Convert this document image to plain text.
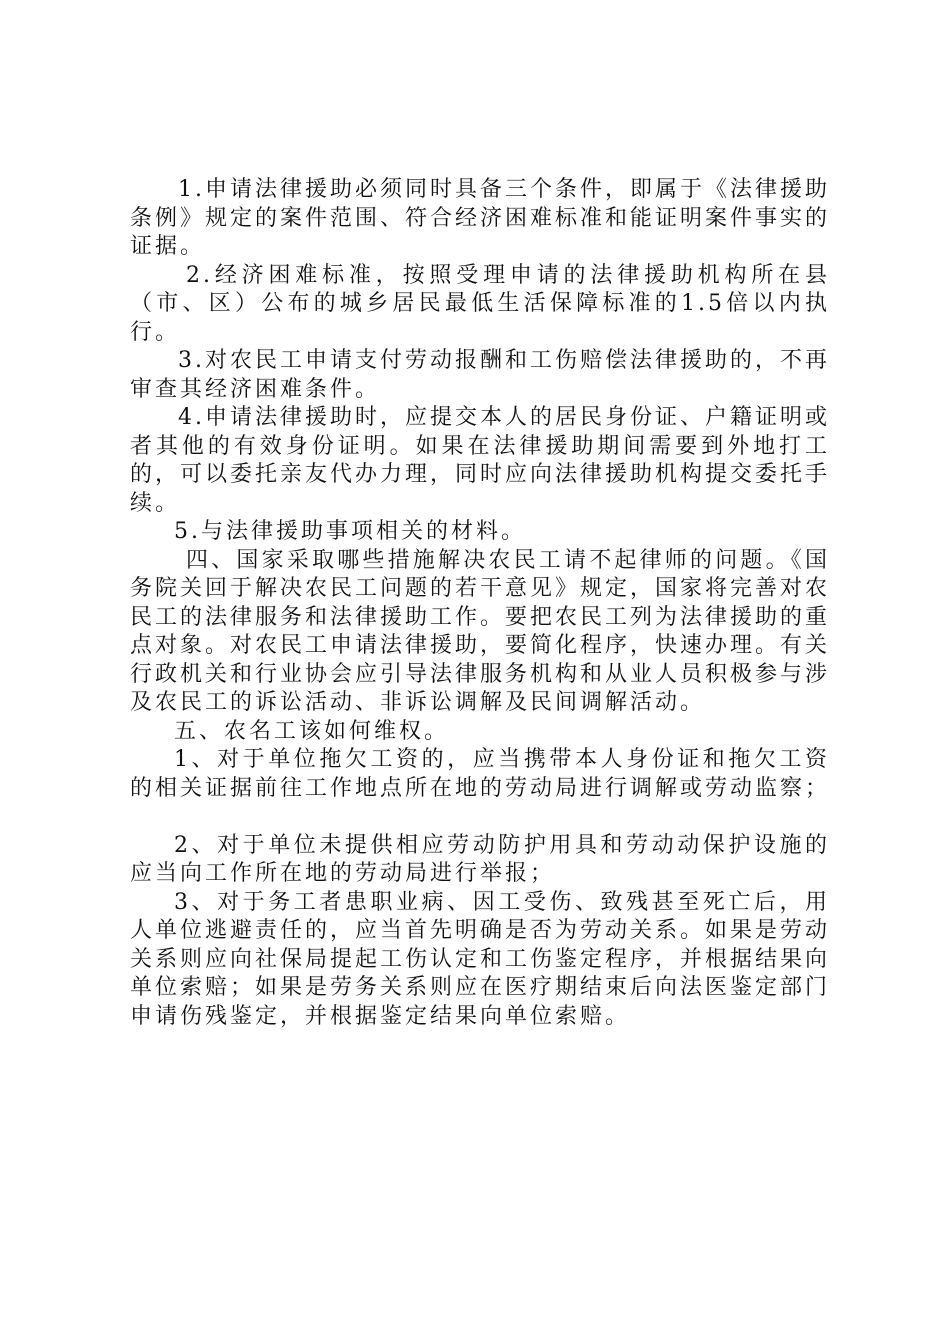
1.申请法律援助必须同时具备三个条件，即属于《法律援助条例》规定的案件范围、符合经济困难标准和能证明案件事实的证据。

2.经济困难标准，按照受理申请的法律援助机构所在县（市、区）公布的城乡居民最低生活保障标准的1.5倍以内执行。

3.对农民工申请支付劳动报酬和工伤赔偿法律援助的，不再审查其经济困难条件。

4.申请法律援助时，应提交本人的居民身份证、户籍证明或者其他的有效身份证明。如果在法律援助期间需要到外地打工的，可以委托亲友代办力理，同时应向法律援助机构提交委托手续。

5.与法律援助事项相关的材料。

四、国家采取哪些措施解决农民工请不起律师的问题。《国务院关回于解决农民工问题的若干意见》规定，国家将完善对农民工的法律服务和法律援助工作。要把农民工列为法律援助的重点对象。对农民工申请法律援助，要简化程序，快速办理。有关行政机关和行业协会应引导法律服务机构和从业人员积极参与涉及农民工的诉讼活动、非诉讼调解及民间调解活动。

五、农名工该如何维权。

1、对于单位拖欠工资的，应当携带本人身份证和拖欠工资的相关证据前往工作地点所在地的劳动局进行调解或劳动监察；

2、对于单位未提供相应劳动防护用具和劳动动保护设施的应当向工作所在地的劳动局进行举报；

3、对于务工者患职业病、因工受伤、致残甚至死亡后，用人单位逃避责任的，应当首先明确是否为劳动关系。如果是劳动关系则应向社保局提起工伤认定和工伤鉴定程序，并根据结果向单位索赔；如果是劳务关系则应在医疗期结束后向法医鉴定部门申请伤残鉴定，并根据鉴定结果向单位索赔。
